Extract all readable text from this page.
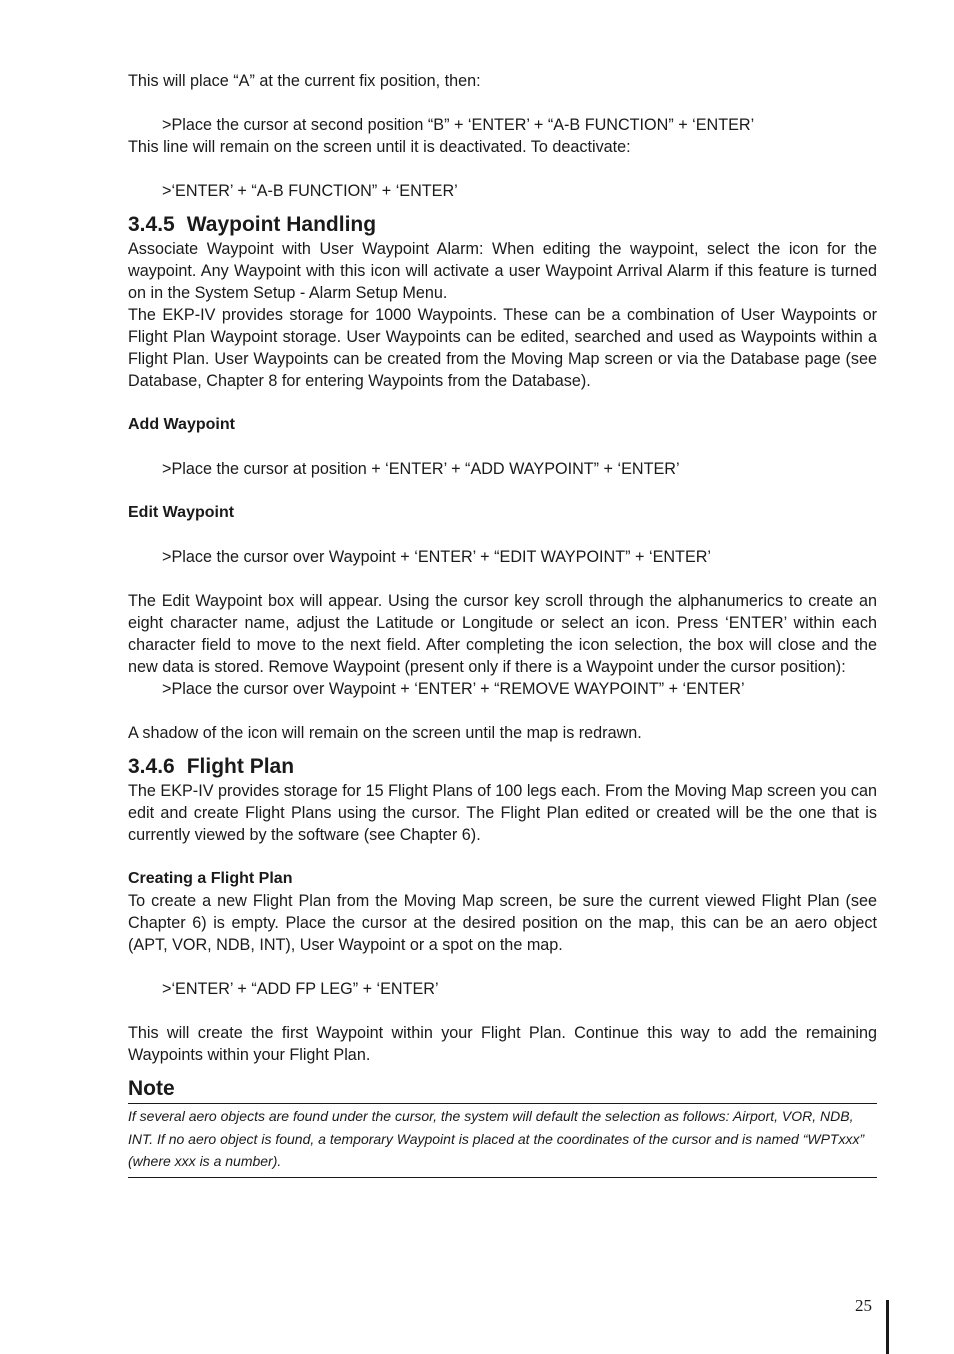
This will place “A” at the current fix position, then:

>Place the cursor at second position “B” + ‘ENTER’ + “A-B FUNCTION” + ‘ENTER’

This line will remain on the screen until it is deactivated. To deactivate:

>‘ENTER’ + “A-B FUNCTION” + ‘ENTER’

3.4.5 Waypoint Handling

Associate Waypoint with User Waypoint Alarm: When editing the waypoint, select the icon for the waypoint. Any Waypoint with this icon will activate a user Waypoint Arrival Alarm if this feature is turned on in the System Setup - Alarm Setup Menu.

The EKP-IV provides storage for 1000 Waypoints. These can be a combination of User Waypoints or Flight Plan Waypoint storage. User Waypoints can be edited, searched and used as Waypoints within a Flight Plan. User Waypoints can be created from the Moving Map screen or via the Database page (see Database, Chapter 8 for entering Waypoints from the Database).

Add Waypoint

>Place the cursor at position + ‘ENTER’ + “ADD WAYPOINT” + ‘ENTER’

Edit Waypoint

>Place the cursor over Waypoint + ‘ENTER’ + “EDIT WAYPOINT” + ‘ENTER’

The Edit Waypoint box will appear. Using the cursor key scroll through the alphanumerics to create an eight character name, adjust the Latitude or Longitude or select an icon. Press ‘ENTER’ within each character field to move to the next field. After completing the icon selection, the box will close and the new data is stored. Remove Waypoint (present only if there is a Waypoint under the cursor position):

>Place the cursor over Waypoint + ‘ENTER’ + “REMOVE WAYPOINT” + ‘ENTER’

A shadow of the icon will remain on the screen until the map is redrawn.

3.4.6 Flight Plan

The EKP-IV provides storage for 15 Flight Plans of 100 legs each. From the Moving Map screen you can edit and create Flight Plans using the cursor. The Flight Plan edited or created will be the one that is currently viewed by the software (see Chapter 6).

Creating a Flight Plan

To create a new Flight Plan from the Moving Map screen, be sure the current viewed Flight Plan (see Chapter 6) is empty. Place the cursor at the desired position on the map, this can be an aero object (APT, VOR, NDB, INT), User Waypoint or a spot on the map.

>‘ENTER’ + “ADD FP LEG” + ‘ENTER’

This will create the first Waypoint within your Flight Plan. Continue this way to add the remaining Waypoints within your Flight Plan.

Note

If several aero objects are found under the cursor, the system will default the selection as follows: Airport, VOR, NDB, INT. If no aero object is found, a temporary Waypoint is placed at the coordinates of the cursor and is named “WPTxxx” (where xxx is a number).

25
